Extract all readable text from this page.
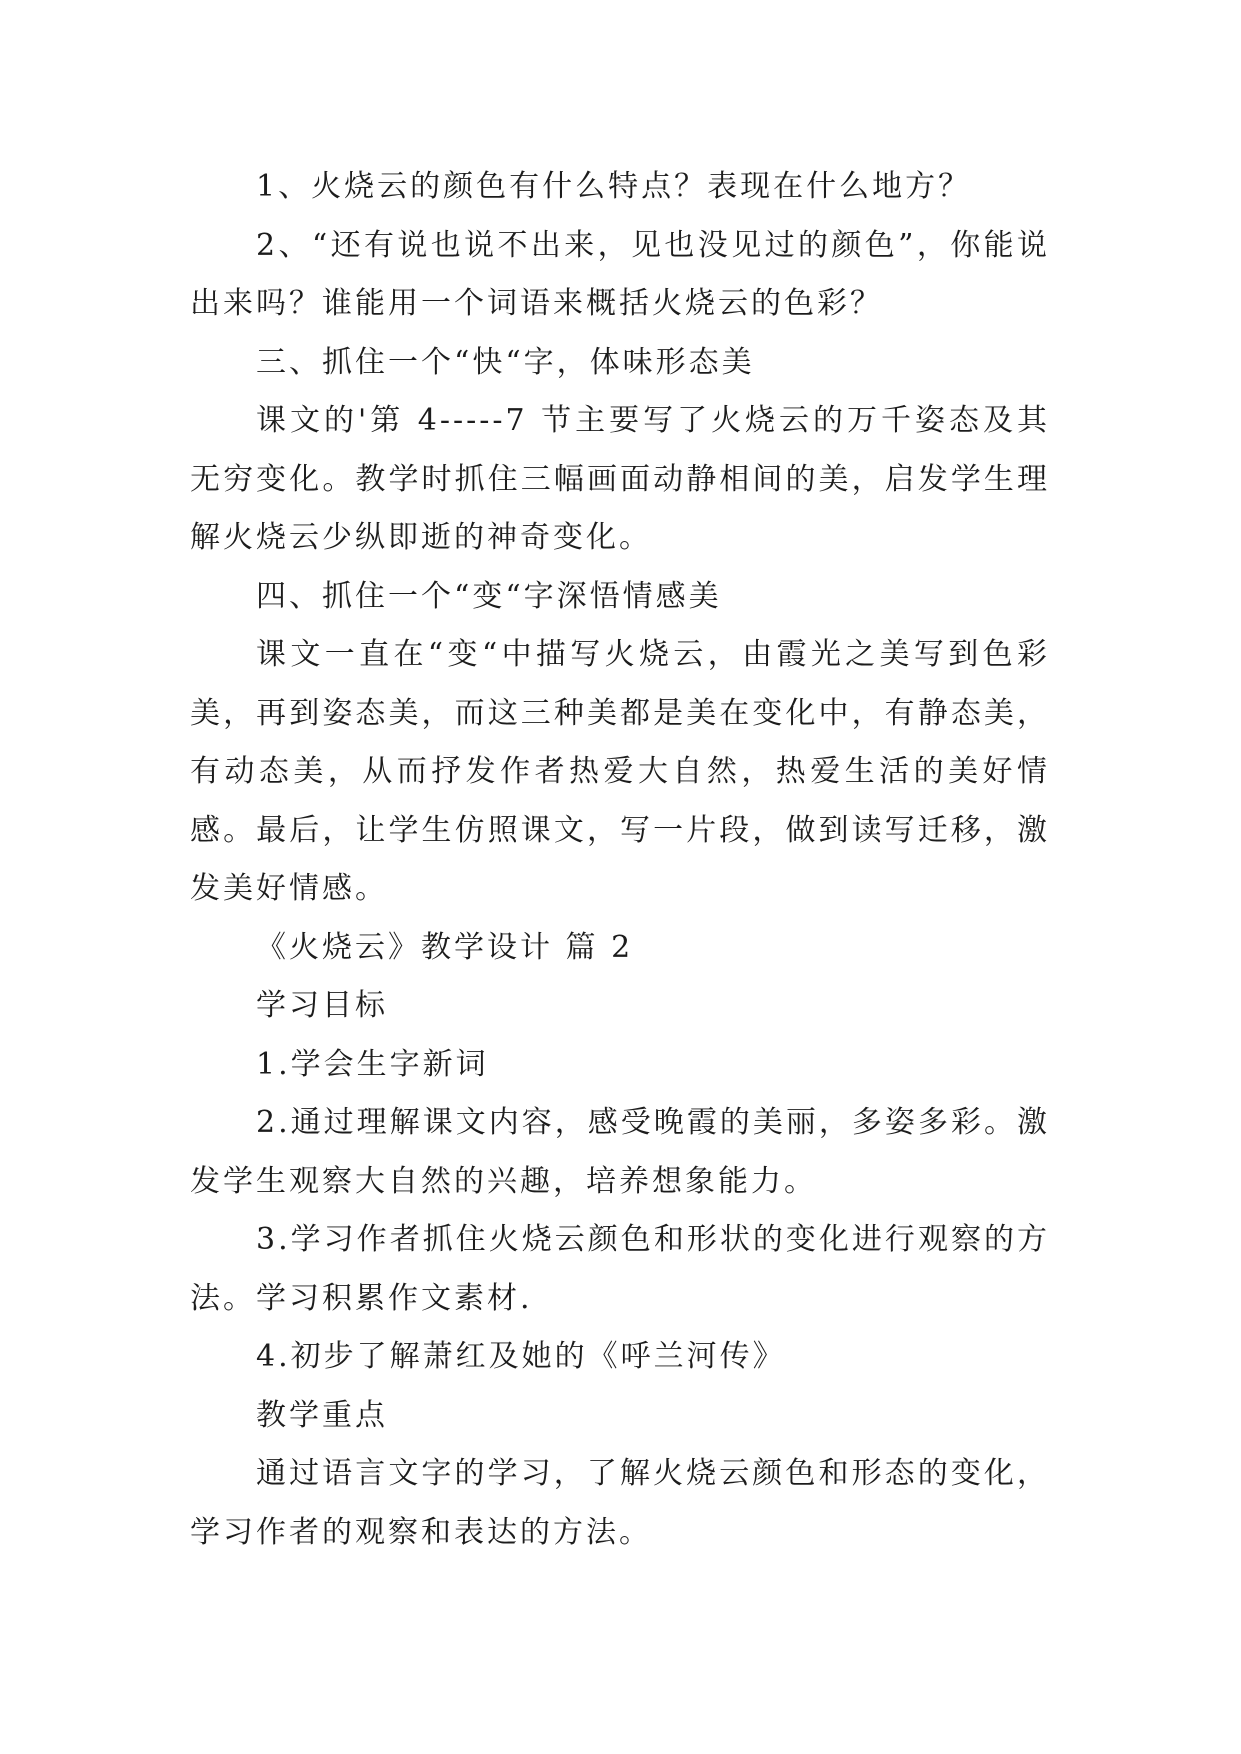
1、火烧云的颜色有什么特点？表现在什么地方？

2、“还有说也说不出来，见也没见过的颜色”，你能说出来吗？谁能用一个词语来概括火烧云的色彩？

三、抓住一个“快“字，体味形态美

课文的'第 4-----7 节主要写了火烧云的万千姿态及其无穷变化。教学时抓住三幅画面动静相间的美，启发学生理解火烧云少纵即逝的神奇变化。

四、抓住一个“变“字深悟情感美

课文一直在“变“中描写火烧云，由霞光之美写到色彩美，再到姿态美，而这三种美都是美在变化中，有静态美，有动态美，从而抒发作者热爱大自然，热爱生活的美好情感。最后，让学生仿照课文，写一片段，做到读写迁移，激发美好情感。

《火烧云》教学设计 篇 2

学习目标

1.学会生字新词

2.通过理解课文内容，感受晚霞的美丽，多姿多彩。激发学生观察大自然的兴趣，培养想象能力。

3.学习作者抓住火烧云颜色和形状的变化进行观察的方法。学习积累作文素材.

4.初步了解萧红及她的《呼兰河传》

教学重点

通过语言文字的学习，了解火烧云颜色和形态的变化，学习作者的观察和表达的方法。
